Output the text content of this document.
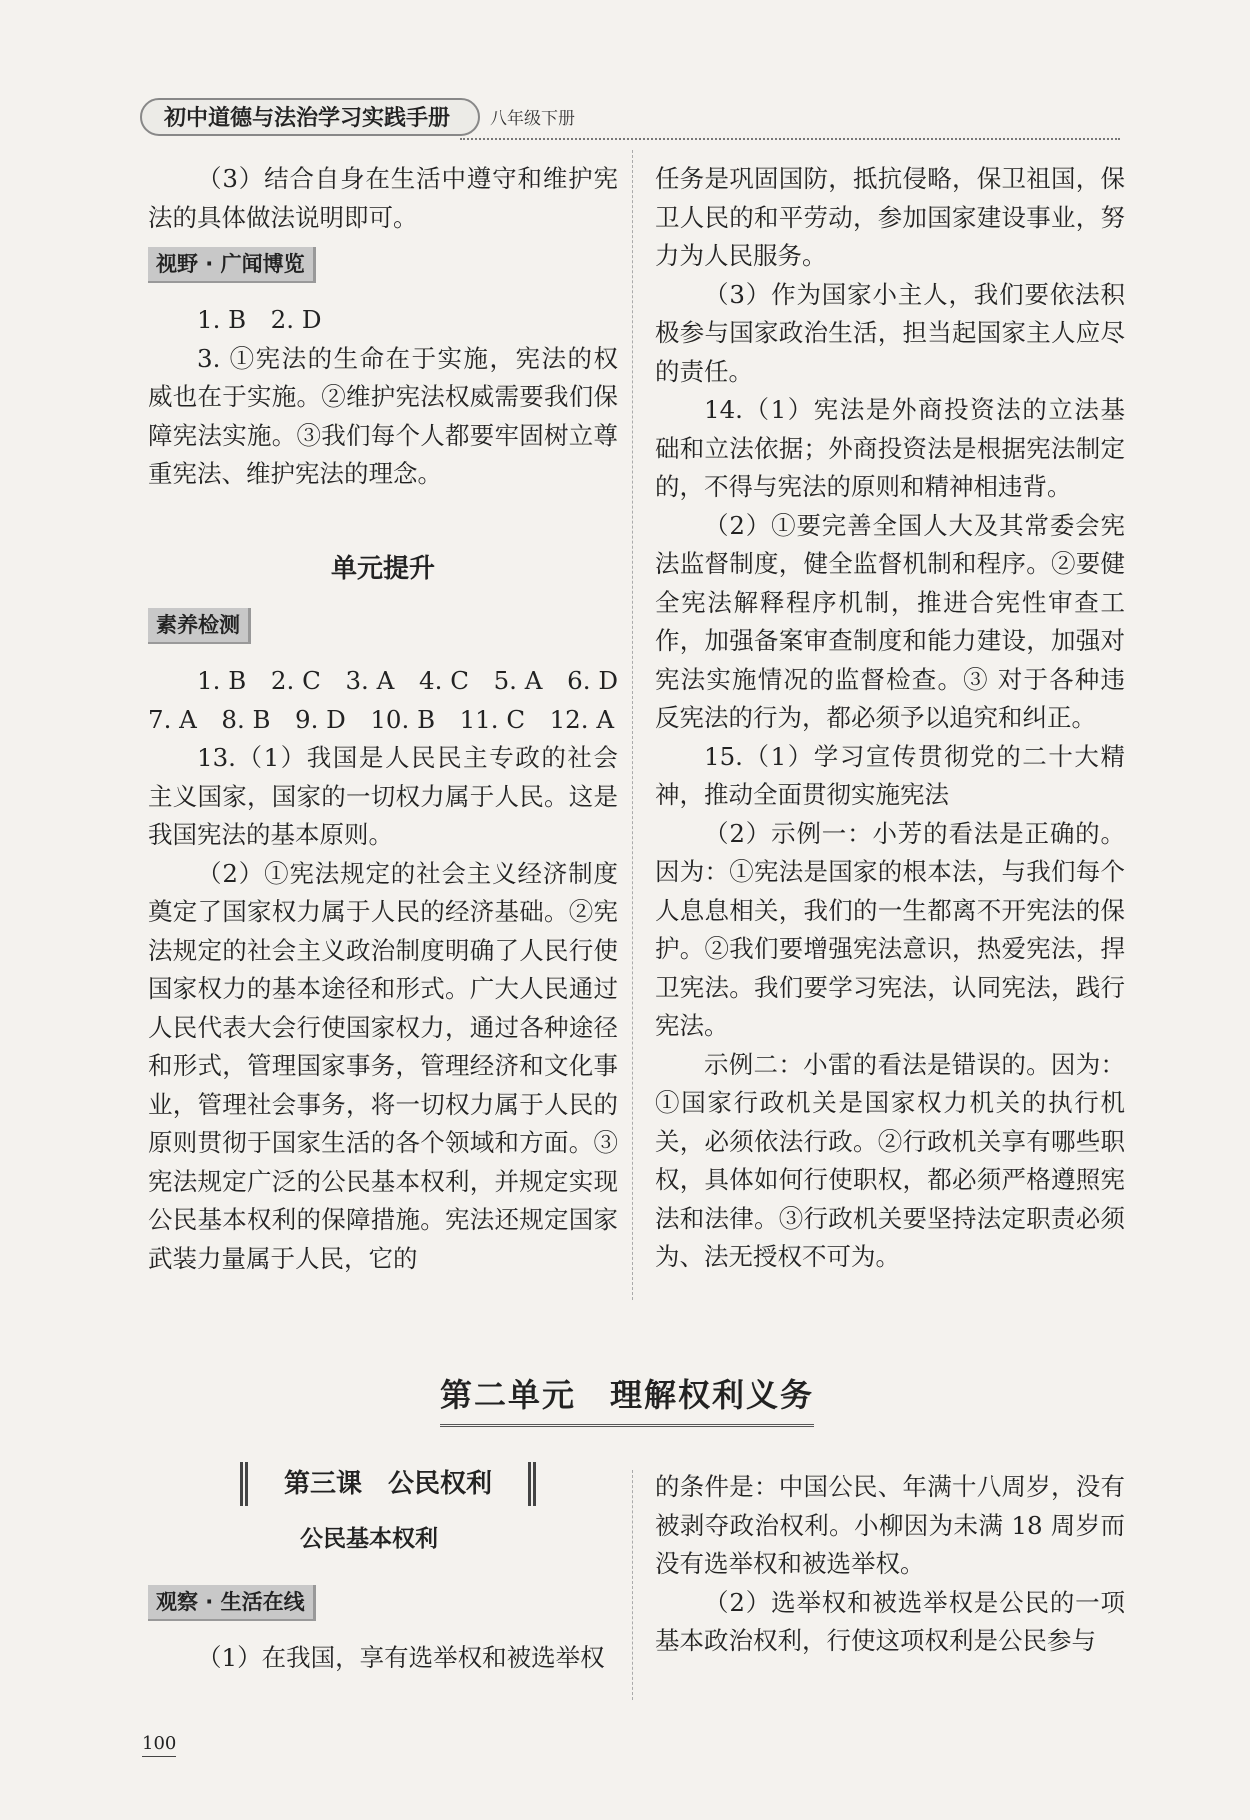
初中道德与法治学习实践手册	八年级下册

（3）结合自身在生活中遵守和维护宪法的具体做法说明即可。

视野 · 广闻博览

1. B　2. D

3. ①宪法的生命在于实施，宪法的权威也在于实施。②维护宪法权威需要我们保障宪法实施。③我们每个人都要牢固树立尊重宪法、维护宪法的理念。

单元提升
素养检测

1. B　2. C　3. A　4. C　5. A　6. D　7. A　8. B　9. D　10. B　11. C　12. A

13.（1）我国是人民民主专政的社会主义国家，国家的一切权力属于人民。这是我国宪法的基本原则。

（2）①宪法规定的社会主义经济制度奠定了国家权力属于人民的经济基础。②宪法规定的社会主义政治制度明确了人民行使国家权力的基本途径和形式。广大人民通过人民代表大会行使国家权力，通过各种途径和形式，管理国家事务，管理经济和文化事业，管理社会事务，将一切权力属于人民的原则贯彻于国家生活的各个领域和方面。③宪法规定广泛的公民基本权利，并规定实现公民基本权利的保障措施。宪法还规定国家武装力量属于人民，它的

任务是巩固国防，抵抗侵略，保卫祖国，保卫人民的和平劳动，参加国家建设事业，努力为人民服务。

（3）作为国家小主人，我们要依法积极参与国家政治生活，担当起国家主人应尽的责任。

14.（1）宪法是外商投资法的立法基础和立法依据；外商投资法是根据宪法制定的，不得与宪法的原则和精神相违背。

（2）①要完善全国人大及其常委会宪法监督制度，健全监督机制和程序。②要健全宪法解释程序机制，推进合宪性审查工作，加强备案审查制度和能力建设，加强对宪法实施情况的监督检查。③ 对于各种违反宪法的行为，都必须予以追究和纠正。

15.（1）学习宣传贯彻党的二十大精神，推动全面贯彻实施宪法

（2）示例一：小芳的看法是正确的。因为：①宪法是国家的根本法，与我们每个人息息相关，我们的一生都离不开宪法的保护。②我们要增强宪法意识，热爱宪法，捍卫宪法。我们要学习宪法，认同宪法，践行宪法。

示例二：小雷的看法是错误的。因为：①国家行政机关是国家权力机关的执行机关，必须依法行政。②行政机关享有哪些职权，具体如何行使职权，都必须严格遵照宪法和法律。③行政机关要坚持法定职责必须为、法无授权不可为。

第二单元　理解权利义务
第三课　公民权利
公民基本权利
观察 · 生活在线

（1）在我国，享有选举权和被选举权

的条件是：中国公民、年满十八周岁，没有被剥夺政治权利。小柳因为未满 18 周岁而没有选举权和被选举权。

（2）选举权和被选举权是公民的一项基本政治权利，行使这项权利是公民参与

100
